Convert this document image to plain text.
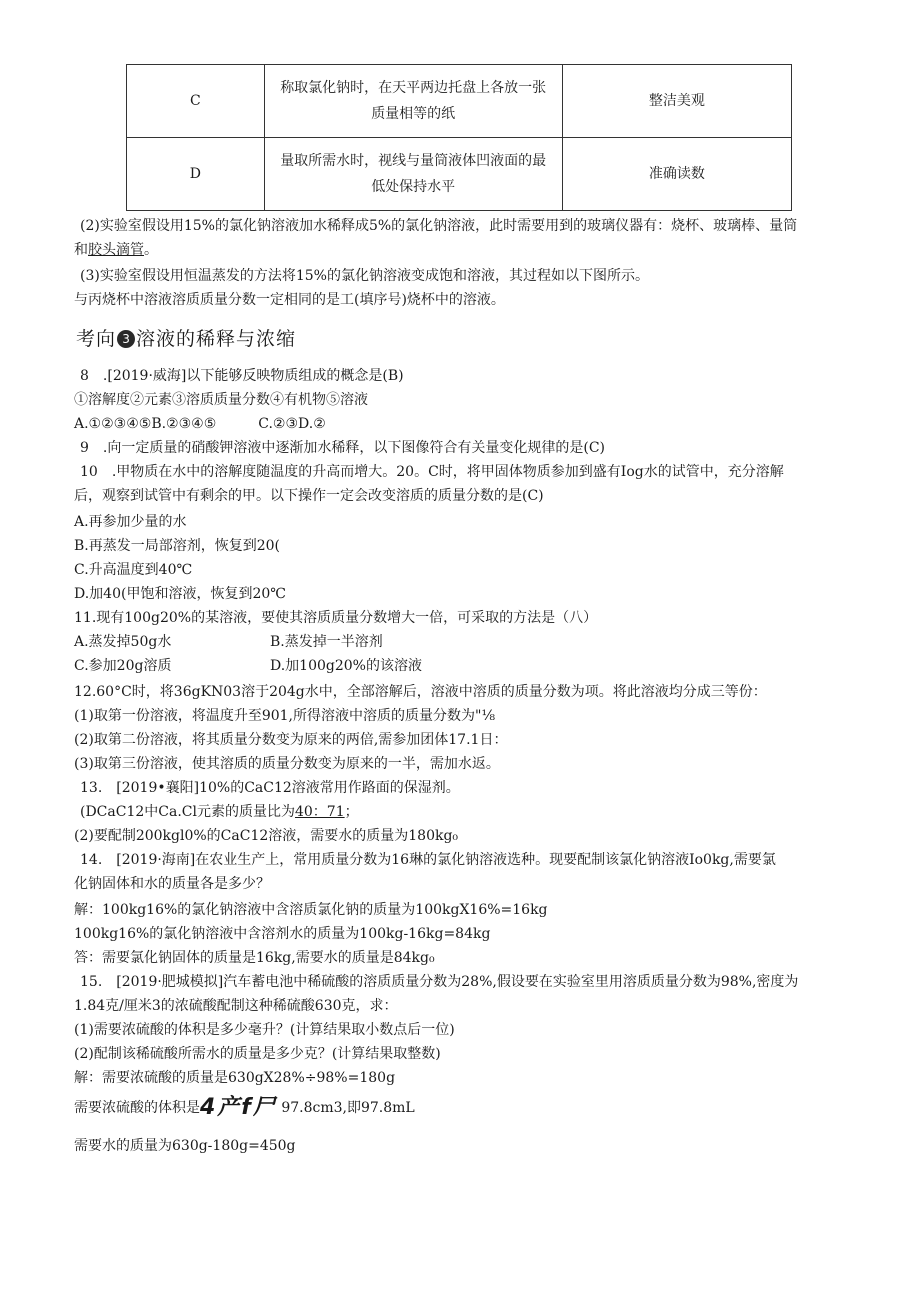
C	称取氯化钠时，在天平两边托盘上各放一张
质量相等的纸	整洁美观
D	量取所需水时，视线与量筒液体凹液面的最
低处保持水平	准确读数
(2)实验室假设用15%的氯化钠溶液加水稀释成5%的氯化钠溶液，此时需要用到的玻璃仪器有：烧杯、玻璃棒、量筒
和胶头滴管。
(3)实验室假设用恒温蒸发的方法将15%的氯化钠溶液变成饱和溶液，其过程如以下图所示。
与丙烧杯中溶液溶质质量分数一定相同的是工(填序号)烧杯中的溶液。
考向 3 溶液的稀释与浓缩
8　.[2019·威海]以下能够反映物质组成的概念是(B)
①溶解度②元素③溶质质量分数④有机物⑤溶液
A.①②③④⑤B.②③④⑤　　　C.②③D.②
9　.向一定质量的硝酸钾溶液中逐渐加水稀释，以下图像符合有关量变化规律的是(C)
10　.甲物质在水中的溶解度随温度的升高而增大。20。C时，将甲固体物质参加到盛有Iog水的试管中，充分溶解
后，观察到试管中有剩余的甲。以下操作一定会改变溶质的质量分数的是(C)
A.再参加少量的水
B.再蒸发一局部溶剂，恢复到20(
C.升高温度到40℃
D.加40(甲饱和溶液，恢复到20℃
11.现有100g20%的某溶液，要使其溶质质量分数增大一倍，可采取的方法是（八）
A.蒸发掉50g水	B.蒸发掉一半溶剂
C.参加20g溶质	D.加100g20%的该溶液
12.60°C时，将36gKN03溶于204g水中，全部溶解后，溶液中溶质的质量分数为项。将此溶液均分成三等份：
(1)取第一份溶液，将温度升至901,所得溶液中溶质的质量分数为"⅛
(2)取第二份溶液，将其质量分数变为原来的两倍,需参加团体17.1日：
(3)取第三份溶液，使其溶质的质量分数变为原来的一半，需加水返。
13.　[2019•襄阳]10%的CaC12溶液常用作路面的保湿剂。
(DCaC12中Ca.Cl元素的质量比为40：71；
(2)要配制200kgl0%的CaC12溶液，需要水的质量为180kg₀
14.　[2019·海南]在农业生产上，常用质量分数为16琳的氯化钠溶液选种。现要配制该氯化钠溶液Io0kg,需要氯
化钠固体和水的质量各是多少？
解：100kg16%的氯化钠溶液中含溶质氯化钠的质量为100kgX16%=16kg
100kg16%的氯化钠溶液中含溶剂水的质量为100kg-16kg=84kg
答：需要氯化钠固体的质量是16kg,需要水的质量是84kg₀
15.　[2019·肥城模拟]汽车蓄电池中稀硫酸的溶质质量分数为28%,假设要在实验室里用溶质质量分数为98%,密度为
1.84克/厘米3的浓硫酸配制这种稀硫酸630克，求：
(1)需要浓硫酸的体积是多少毫升？(计算结果取小数点后一位)
(2)配制该稀硫酸所需水的质量是多少克？(计算结果取整数)
解：需要浓硫酸的质量是630gX28%÷98%=180g
需要浓硫酸的体积是4产f尸 97.8cm3,即97.8mL
需要水的质量为630g-180g=450g
